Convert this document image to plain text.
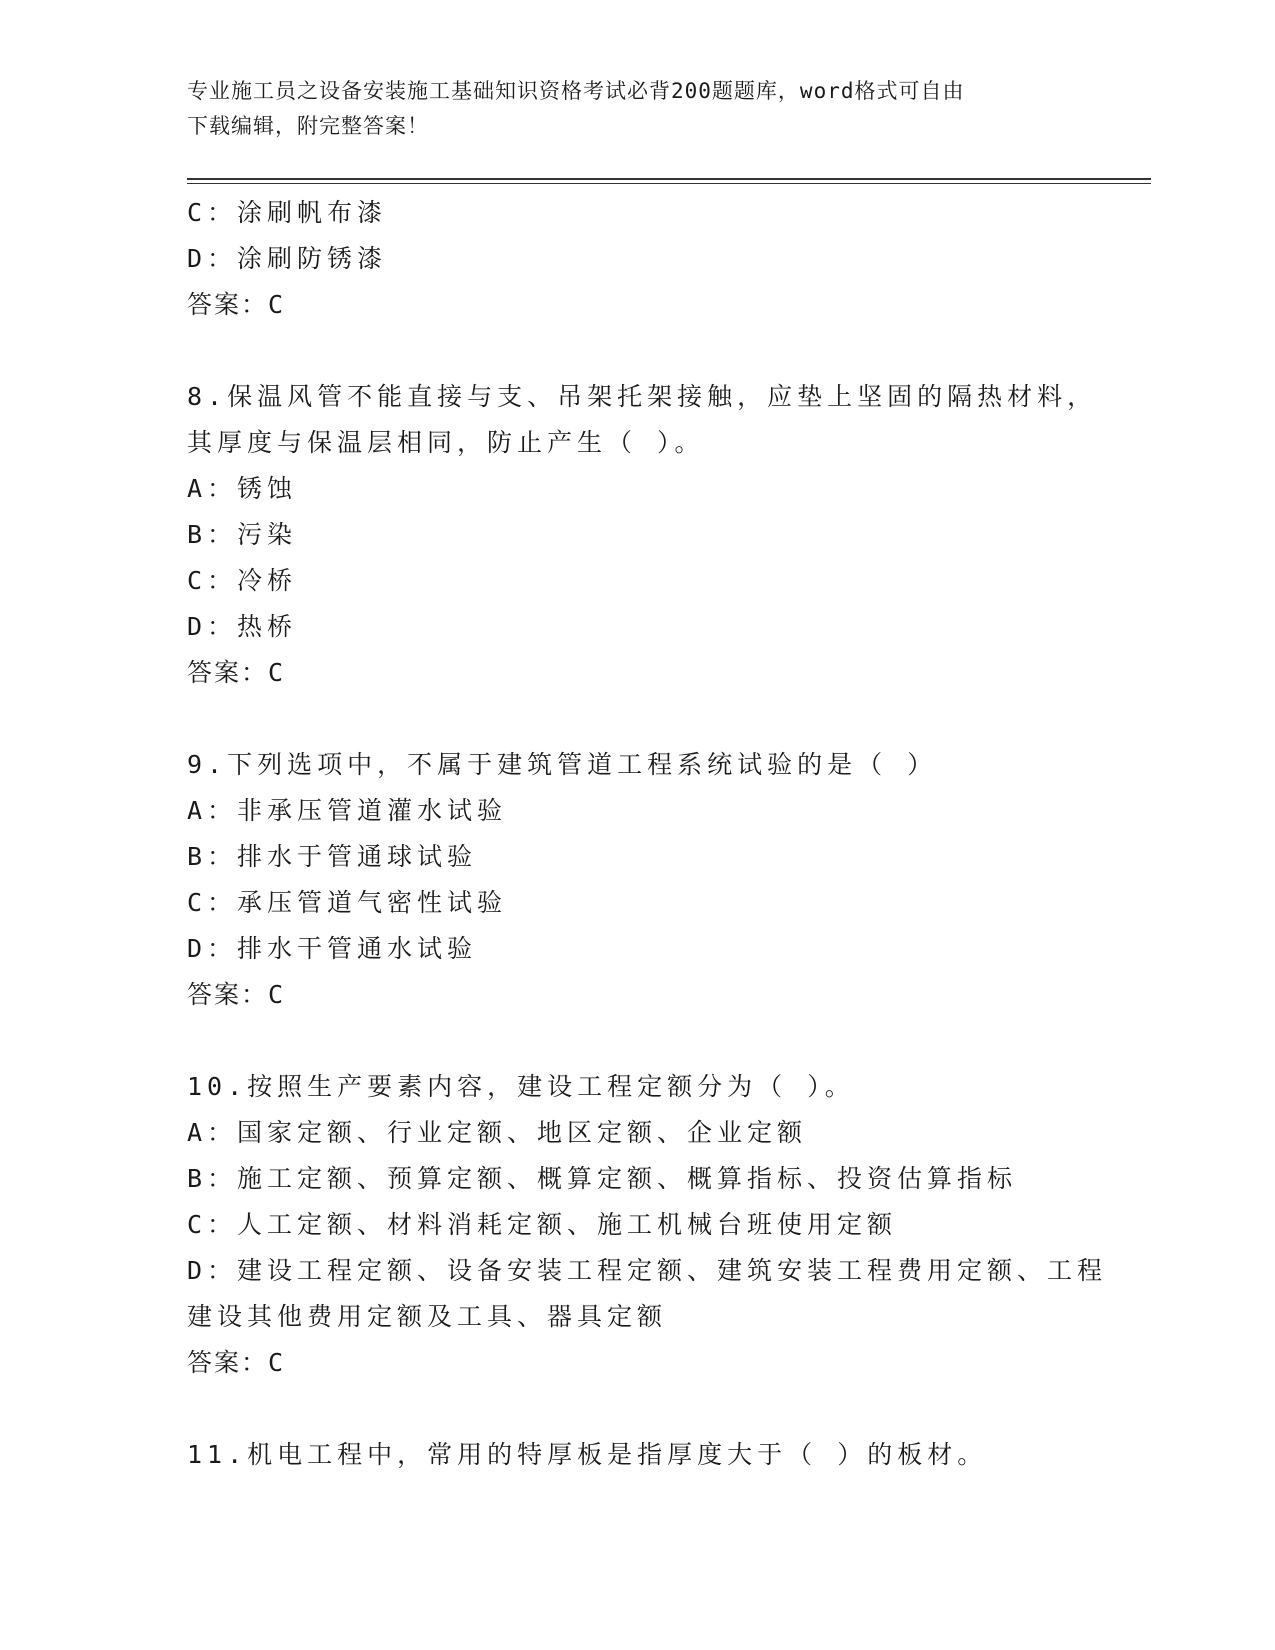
专业施工员之设备安装施工基础知识资格考试必背200题题库，word格式可自由
下载编辑，附完整答案！
C：涂刷帆布漆
D：涂刷防锈漆
答案：C
8.保温风管不能直接与支、吊架托架接触，应垫上坚固的隔热材料，
其厚度与保温层相同，防止产生（ ）。
A：锈蚀
B：污染
C：冷桥
D：热桥
答案：C
9.下列选项中，不属于建筑管道工程系统试验的是（ ）
A：非承压管道灌水试验
B：排水于管通球试验
C：承压管道气密性试验
D：排水干管通水试验
答案：C
10.按照生产要素内容，建设工程定额分为（ ）。
A：国家定额、行业定额、地区定额、企业定额
B：施工定额、预算定额、概算定额、概算指标、投资估算指标
C：人工定额、材料消耗定额、施工机械台班使用定额
D：建设工程定额、设备安装工程定额、建筑安装工程费用定额、工程
建设其他费用定额及工具、器具定额
答案：C
11.机电工程中，常用的特厚板是指厚度大于（ ）的板材。
